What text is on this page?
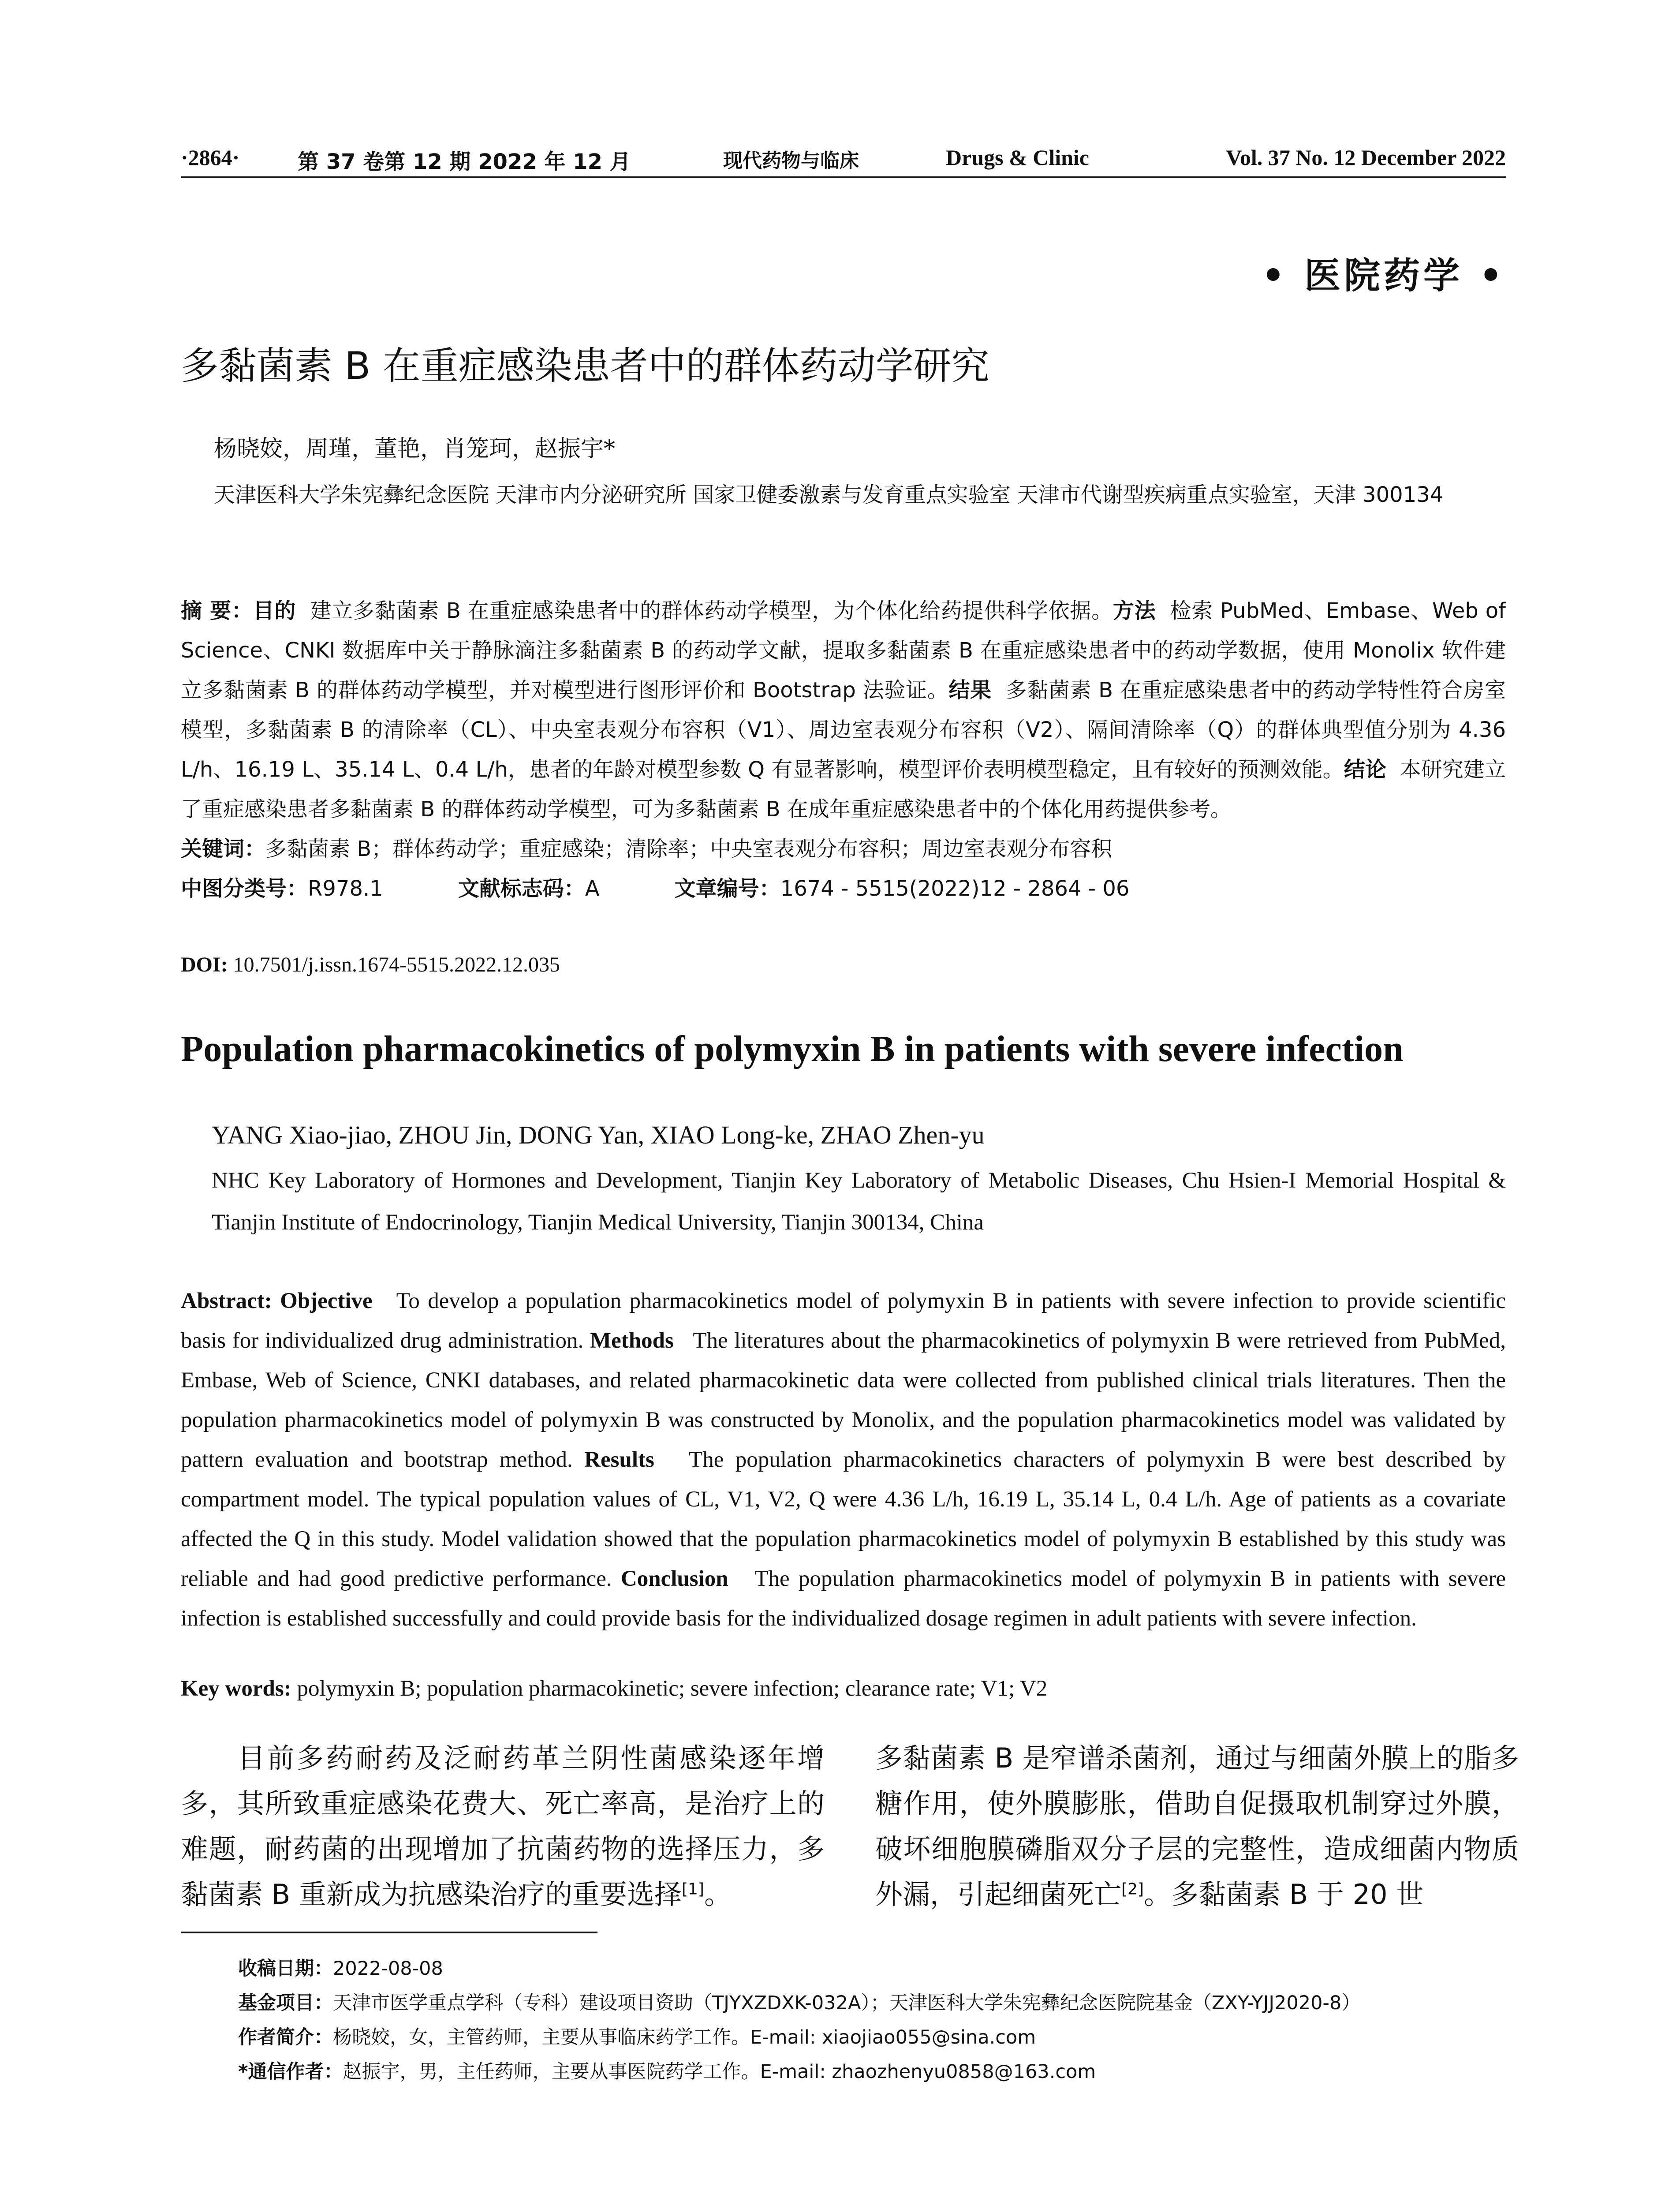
·2864·	第 37 卷第 12 期 2022 年 12 月	现代药物与临床	Drugs & Clinic	Vol. 37 No. 12 December 2022
• 医院药学 •
多黏菌素 B 在重症感染患者中的群体药动学研究
杨晓姣，周瑾，董艳，肖笼珂，赵振宇*
天津医科大学朱宪彝纪念医院 天津市内分泌研究所 国家卫健委激素与发育重点实验室 天津市代谢型疾病重点实验室，天津 300134
摘 要：目的 建立多黏菌素 B 在重症感染患者中的群体药动学模型，为个体化给药提供科学依据。方法 检索 PubMed、Embase、Web of Science、CNKI 数据库中关于静脉滴注多黏菌素 B 的药动学文献，提取多黏菌素 B 在重症感染患者中的药动学数据，使用 Monolix 软件建立多黏菌素 B 的群体药动学模型，并对模型进行图形评价和 Bootstrap 法验证。结果 多黏菌素 B 在重症感染患者中的药动学特性符合房室模型，多黏菌素 B 的清除率（CL）、中央室表观分布容积（V1）、周边室表观分布容积（V2）、隔间清除率（Q）的群体典型值分别为 4.36 L/h、16.19 L、35.14 L、0.4 L/h，患者的年龄对模型参数 Q 有显著影响，模型评价表明模型稳定，且有较好的预测效能。结论 本研究建立了重症感染患者多黏菌素 B 的群体药动学模型，可为多黏菌素 B 在成年重症感染患者中的个体化用药提供参考。
关键词：多黏菌素 B；群体药动学；重症感染；清除率；中央室表观分布容积；周边室表观分布容积
中图分类号：R978.1	文献标志码：A	文章编号：1674 - 5515(2022)12 - 2864 - 06
DOI: 10.7501/j.issn.1674-5515.2022.12.035
Population pharmacokinetics of polymyxin B in patients with severe infection
YANG Xiao-jiao, ZHOU Jin, DONG Yan, XIAO Long-ke, ZHAO Zhen-yu
NHC Key Laboratory of Hormones and Development, Tianjin Key Laboratory of Metabolic Diseases, Chu Hsien-I Memorial Hospital & Tianjin Institute of Endocrinology, Tianjin Medical University, Tianjin 300134, China
Abstract: Objective To develop a population pharmacokinetics model of polymyxin B in patients with severe infection to provide scientific basis for individualized drug administration. Methods The literatures about the pharmacokinetics of polymyxin B were retrieved from PubMed, Embase, Web of Science, CNKI databases, and related pharmacokinetic data were collected from published clinical trials literatures. Then the population pharmacokinetics model of polymyxin B was constructed by Monolix, and the population pharmacokinetics model was validated by pattern evaluation and bootstrap method. Results The population pharmacokinetics characters of polymyxin B were best described by compartment model. The typical population values of CL, V1, V2, Q were 4.36 L/h, 16.19 L, 35.14 L, 0.4 L/h. Age of patients as a covariate affected the Q in this study. Model validation showed that the population pharmacokinetics model of polymyxin B established by this study was reliable and had good predictive performance. Conclusion The population pharmacokinetics model of polymyxin B in patients with severe infection is established successfully and could provide basis for the individualized dosage regimen in adult patients with severe infection.
Key words: polymyxin B; population pharmacokinetic; severe infection; clearance rate; V1; V2
  目前多药耐药及泛耐药革兰阴性菌感染逐年增多，其所致重症感染花费大、死亡率高，是治疗上的难题，耐药菌的出现增加了抗菌药物的选择压力，多黏菌素 B 重新成为抗感染治疗的重要选择[1]。
多黏菌素 B 是窄谱杀菌剂，通过与细菌外膜上的脂多糖作用，使外膜膨胀，借助自促摄取机制穿过外膜，破坏细胞膜磷脂双分子层的完整性，造成细菌内物质外漏，引起细菌死亡[2]。多黏菌素 B 于 20 世
收稿日期：2022-08-08
基金项目：天津市医学重点学科（专科）建设项目资助（TJYXZDXK-032A）；天津医科大学朱宪彝纪念医院院基金（ZXY-YJJ2020-8）
作者简介：杨晓姣，女，主管药师，主要从事临床药学工作。E-mail: xiaojiao055@sina.com
*通信作者：赵振宇，男，主任药师，主要从事医院药学工作。E-mail: zhaozhenyu0858@163.com
